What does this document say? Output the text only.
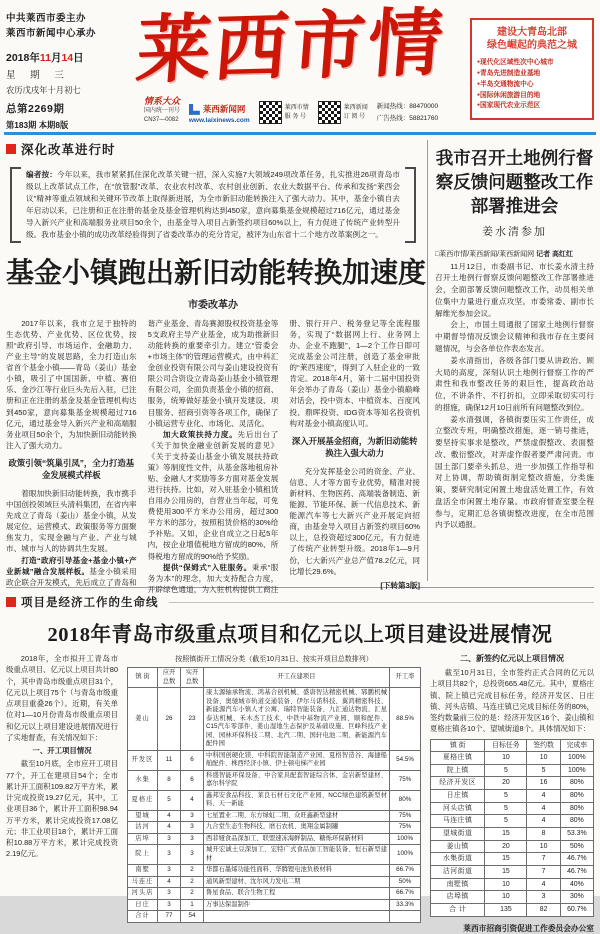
中共莱西市委主办
莱西市新闻中心承办
2018年11月14日
星 期 三
农历戊戌年十月初七
总第2269期
第183期 本期8版
莱西市情
情系大众
国内统一刊号
CN37—0082
莱西新闻网
www.laixinews.com
莱西市情
服 务 号
莱西新闻
订 阅 号
新闻热线：88470000
广告热线：58821760
建设大青岛北部
绿色崛起的典范之城
● 现代化区域性次中心城市
● 青岛先进制造业基地
● 半岛交通物流中心
● 国际休闲旅游目的地
● 国家现代农业示范区
深化改革进行时
编者按：今年以来，我市紧紧抓住深化改革关键一招，深入实施7大领域249项改革任务，扎实推进26项青岛市级以上改革试点工作，在“放管服”改革、农业农村改革、农村创业创新、农业大数据平台、传承和发扬“莱西会议”精神等重点领域和关键环节改革上取得新进展，为全市新旧动能转换注入了强大动力。其中，基金小镇自去年启动以来，已注册和正在注册的基金及基金管理机构达到450家，意向募集基金规模超过716亿元，通过基金导入新兴产业和高端服务业项目50余个，由基金导入项目占新签约项目60%以上，有力促进了传统产业转型升级。我市基金小镇的成功改革经验得到了省委改革办的充分肯定，被评为山东省十二个地方改革案例之一。
基金小镇跑出新旧动能转换加速度
市委改革办
2017年以来，我市立足于独特的生态优势、产业优势、区位优势，按照“政府引导、市场运作、金融助力、产业主导”的发展思路，全力打造山东省首个基金小镇——青岛（姜山）基金小镇，吸引了中国国新、中植、赛伯乐、金沙江等行业巨头先后入驻，已注册和正在注册的基金及基金管理机构达到450家，意向募集基金规模超过716亿元，通过基金导入新兴产业和高端服务业项目50余个，为加快新旧动能转换注入了强大动力。
政策引领“筑巢引凤”，全力打造基金发展模式样板
着眼加快新旧动能转换，我市携手中国创投领域巨头清科集团，在省内率先成立了青岛（姜山）基金小镇，从发展定位、运营模式、政策服务等方面聚焦发力，实现金融与产业、产业与城市、城市与人的协调共生发展。
打造“政府引导基金+基金小镇+产业新城”融合发展样板。基金小镇采用政企联合开发模式，先后成立了青岛和谐产业基金、青岛赛源股权投资基金等5支政府主导产业基金，成为助推新旧动能转换的重要牵引力。建立“管委会+市场主体”的管理运营模式，由中科汇金创业投资有限公司与姜山建设投资有限公司合资设立青岛姜山基金小镇管理有限公司，全面负责基金小镇的招商、服务，统筹做好基金小镇开发建设、项目服务、招商引资等各项工作，确保了小镇运营专业化、市场化、灵活化。
加大政策扶持力度。先后出台了《关于加快金融业创新发展的意见》《关于支持姜山基金小镇发展扶持政策》等制度性文件，从基金落地租房补贴、金融人才奖励等多方面对基金发展进行扶持。比如，对入驻基金小镇租赁自用办公用房的，自营业当年起，可免费使用300平方米办公用房，超过300平方米的部分，按照租赁价格的30%给予补贴。又如，企业自成立之日起5年内，按企业增值税地方留成的80%、所得税地方留成的90%给予奖励。
提供“保姆式”入驻服务。秉承“服务为本”的理念，加大支持配合力度，开辟绿色通道，为入驻机构提供工商注册、银行开户、税务登记等全流程服务，实现了“数据网上行、业务网上办、企业不跑腿”，1—2个工作日即可完成基金公司注册，创造了基金审批的“莱西速度”，得到了入驻企业的一致肯定。2018年4月，第十二届中国投资年会举办了青岛（姜山）基金小镇巅峰对话会，投中资本、中植资本、百度风投、鼎晖投资、IDG资本等知名投资机构对基金小镇高度认可。
深入开展基金招商，为新旧动能转换注入强大动力
充分发挥基金公司的资金、产业、信息、人才等方面专业优势，精准对接新材料、生物医药、高端装备制造、新能源、节能环保、新一代信息技术、新能源汽车等七大新兴产业开展定向招商，由基金导入项目占新签约项目60%以上，总投资超过300亿元，有力促进了传统产业转型升级。2018年1—9月份，七大新兴产业总产值78.2亿元，同比增长29.6%。
[下转第3版]
我市召开土地例行督察反馈问题整改工作部署推进会
姜水清参加
□莱西市情/莱西新闻/莱西新闻网 记者 高红红

11月12日，市委副书记、市长姜水清主持召开土地例行督察反馈问题整改工作部署推进会，全面部署反馈问题整改工作，动员相关单位集中力量进行重点攻坚。市委常委、副市长解维光参加会议。

会上，市国土局通报了国家土地例行督察中期督导情况反馈会议精神和我市存在主要问题情况，与会各单位作表态发言。

姜水清指出，各级各部门要从讲政治、顾大局的高度，深刻认识土地例行督察工作的严肃性和我市整改任务的艰巨性，提高政治站位，不讲条件、不打折扣，立即采取切实可行的措施，确保12月10日前所有问题整改到位。

姜水清强调，各镇街要压实工作责任，成立整改专班，明确整改措施，逐一销号推进，要坚持实事求是整改，严禁虚假整改、表面整改、敷衍整改，对弄虚作假者要严肃问责。市国土部门要牵头抓总，进一步加强工作指导和对上协调，帮助镇街制定整改措施，分类施策，要研究制定闲置土地盘活处置工作，有效盘活全市闲置土地存量。市政府督查室要全程参与，定期汇总各镇街整改进度，在全市范围内予以通报。

项目是经济工作的生命线
2018年青岛市级重点项目和亿元以上项目建设进展情况
2018年，全市拟开工青岛市级重点项目、亿元以上项目共计80个，其中青岛市级重点项目31个，亿元以上项目75个（与青岛市级重点项目重叠26个）。近期，有关单位对1—10月份青岛市级重点项目和亿元以上项目建设进展情况进行了实地督查，有关情况如下：
一、开工项目情况
截至10月底，全市应开工项目77个，开工在建项目54个；全市累计开工面积109.82万平方米，累计完成投资19.27亿元，其中，工业项目36个，累计开工面积98.94万平方米，累计完成投资17.08亿元；非工业项目18个，累计开工面积10.88万平方米，累计完成投资2.19亿元。
按照镇街开工情况分类（截至10月31日、按实开项目总数排列）
镇 街	应开总数	实开总数	开工在建项目	开工率
姜山	26	23	康太源轴承物流、鸿基合创机械、盛唐智达精密机械、郓鹏机械设备、奥驰城市轨道交通装备、伊尔马诺科技、翼鸿精密科技、新能源汽车小镇人才公寓、瑞特智能装备、九汇通达物流、汇星泰达机械、禾木杰工技术、中铁中基物流产业园、顺和配件、C15汽车零部件、姜山湿地生态保护及基础设施、巨峰科技产业园、园林环保科技二期、北汽二期、国轩电池二期、新能源汽车配件园	88.5%
开发区	11	6	中科国创硬化镁、中科院智能制造产业园、夏格智造谷、海捷船舶配件、株西经济小镇、伊士顿电梯产业园	54.5%
水集	8	6	科盛智能环保设备、中合家具配套智能综合体、金岩新型建材、嘉尔科学院	75%
夏格庄	5	4	鑫邦安食品科技、莱良石材石文化产业园、NCC绿色建筑新型材料、天一新能	80%
望城	4	3	七星置业二期、东方绿虹二期、众旺鑫新型建材	75%
沽河	4	3	九合堂生态生物科技、磨石农机、奥翔金属制罐	75%
店埠	3	3	西菲娅食品深加工、联盟速冻海鲜制品、糖烁环保新材料	100%
院上	3	3	城开宏诚土豆深加工、宏特广式食品加工智能装备、恒石新型建材	100%
南墅	3	2	华都石墨烯功能性面料、华腾锂电池负极材料	66.7%
马连庄	4	2	通风新型建材、沈尔风力发电二期	50%
河头店	3	2	鲁星食品、联合生物工程	66.7%
日庄	3	1	万事达保温制件	33.3%
合计	77	54		
二、新签约亿元以上项目情况
截至10月31日，全市签约正式合同的亿元以上项目共82个，总投资665.48亿元。其中，夏格庄镇、院上镇已完成目标任务，经济开发区、日庄镇、河头店镇、马连庄镇已完成目标任务的80%，签约数量前三位的是：经济开发区16个、姜山镇和夏格庄镇各10个、望城街道8个。具体情况如下：
镇 街	目标任务	签约数	完成率
夏格庄镇	10	10	100%
院上镇	5	5	100%
经济开发区	20	16	80%
日庄镇	5	4	80%
河头店镇	5	4	80%
马连庄镇	5	4	80%
望城街道	15	8	53.3%
姜山镇	20	10	50%
水集街道	15	7	46.7%
沽河街道	15	7	46.7%
南墅镇	10	4	40%
店埠镇	10	3	30%
合 计	135	82	60.7%
莱西市招商引资促进工作委员会办公室
